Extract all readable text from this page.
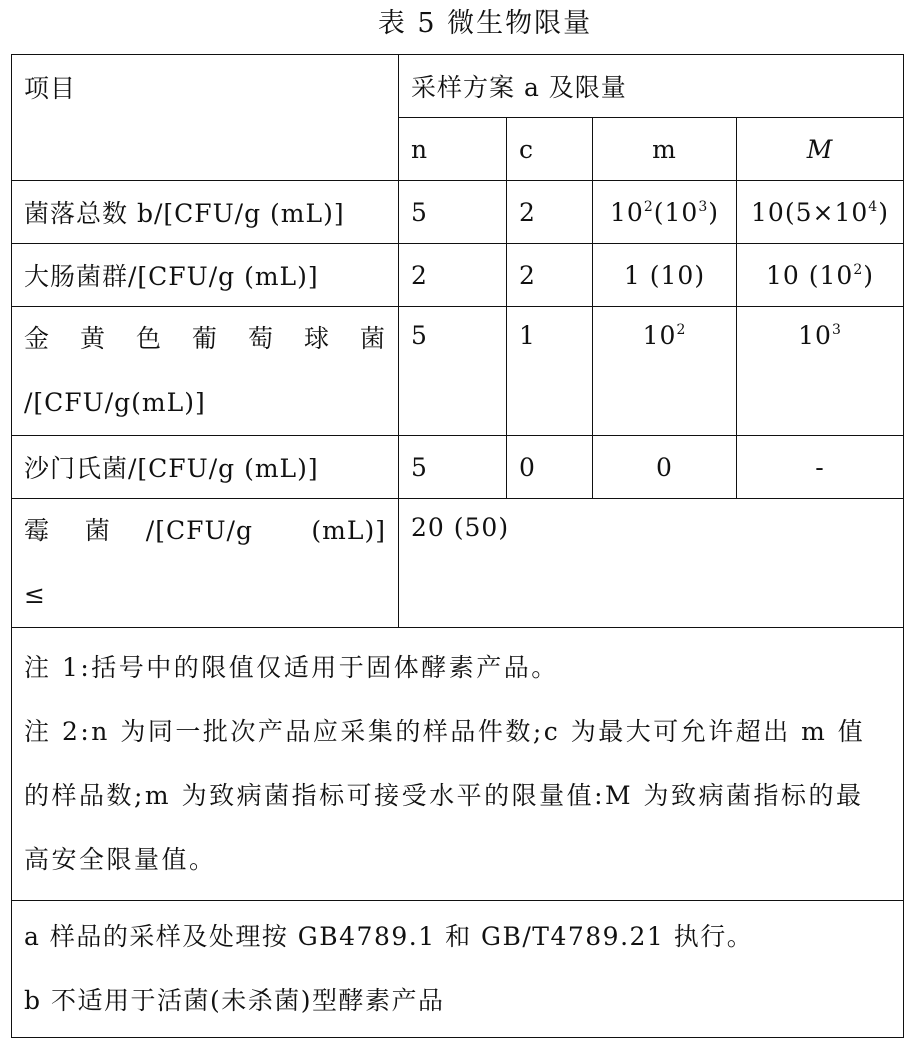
表 5 微生物限量
项目	采样方案 a 及限量			
	n	c	m	M
菌落总数 b/[CFU/g (mL)]	5	2	$10^2(10^3)$	$10(5\times 10^4)$
大肠菌群/[CFU/g (mL)]	2	2	1 (10)	10 $(10^2)$

金 黄 色 葡 萄 球 菌
/[CFU/g(mL)]	5	1	$10^2$	$10^3$
沙门氏菌/[CFU/g (mL)]	5	0	0	-

霉  菌  /[CFU/g    (mL)]
≤	20 (50)			

注 1:括号中的限值仅适用于固体酵素产品。

注 2:n 为同一批次产品应采集的样品件数;c 为最大可允许超出 m 值的样品数;m 为致病菌指标可接受水平的限量值:M 为致病菌指标的最高安全限量值。				

a 样品的采样及处理按 GB4789.1 和 GB/T4789.21 执行。

b 不适用于活菌(未杀菌)型酵素产品				
